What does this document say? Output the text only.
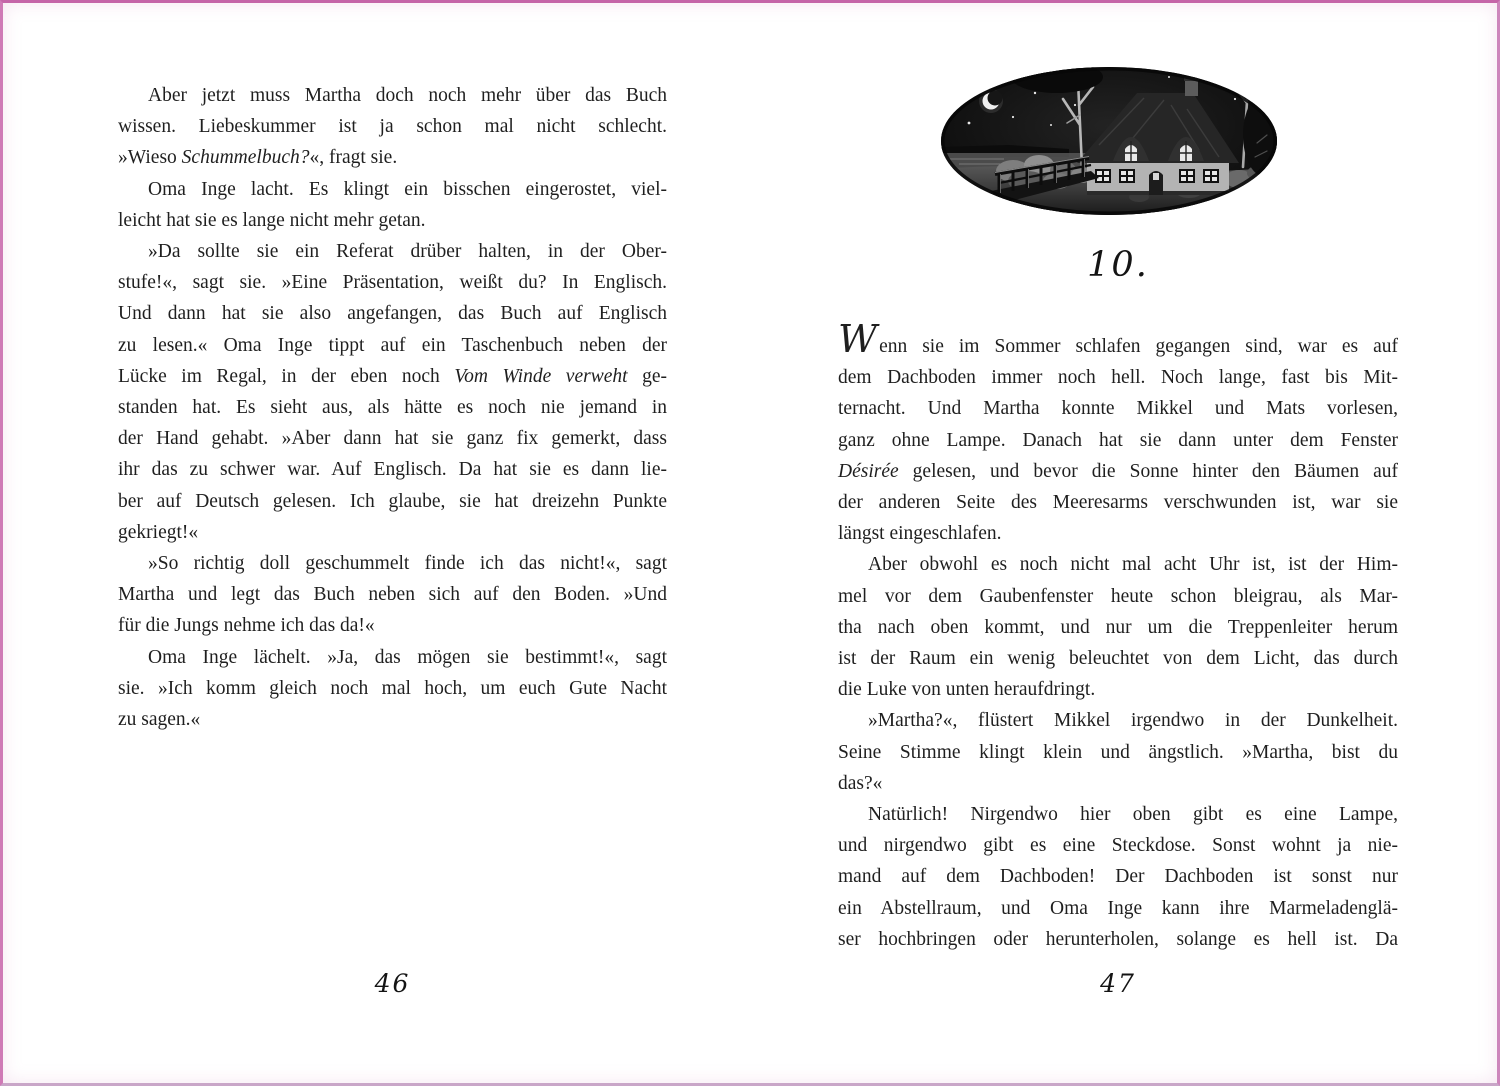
Aber jetzt muss Martha doch noch mehr über das Buch
wissen. Liebeskummer ist ja schon mal nicht schlecht.
»Wieso Schummelbuch?«, fragt sie.
Oma Inge lacht. Es klingt ein bisschen eingerostet, viel-
leicht hat sie es lange nicht mehr getan.
»Da sollte sie ein Referat drüber halten, in der Ober-
stufe!«, sagt sie. »Eine Präsentation, weißt du? In Englisch.
Und dann hat sie also angefangen, das Buch auf Englisch
zu lesen.« Oma Inge tippt auf ein Taschenbuch neben der
Lücke im Regal, in der eben noch Vom Winde verweht ge-
standen hat. Es sieht aus, als hätte es noch nie jemand in
der Hand gehabt. »Aber dann hat sie ganz fix gemerkt, dass
ihr das zu schwer war. Auf Englisch. Da hat sie es dann lie-
ber auf Deutsch gelesen. Ich glaube, sie hat dreizehn Punkte
gekriegt!«
»So richtig doll geschummelt finde ich das nicht!«, sagt
Martha und legt das Buch neben sich auf den Boden. »Und
für die Jungs nehme ich das da!«
Oma Inge lächelt. »Ja, das mögen sie bestimmt!«, sagt
sie. »Ich komm gleich noch mal hoch, um euch Gute Nacht
zu sagen.«
46
10.
Wenn sie im Sommer schlafen gegangen sind, war es auf
dem Dachboden immer noch hell. Noch lange, fast bis Mit-
ternacht. Und Martha konnte Mikkel und Mats vorlesen,
ganz ohne Lampe. Danach hat sie dann unter dem Fenster
Désirée gelesen, und bevor die Sonne hinter den Bäumen auf
der anderen Seite des Meeresarms verschwunden ist, war sie
längst eingeschlafen.
Aber obwohl es noch nicht mal acht Uhr ist, ist der Him-
mel vor dem Gaubenfenster heute schon bleigrau, als Mar-
tha nach oben kommt, und nur um die Treppenleiter herum
ist der Raum ein wenig beleuchtet von dem Licht, das durch
die Luke von unten heraufdringt.
»Martha?«, flüstert Mikkel irgendwo in der Dunkelheit.
Seine Stimme klingt klein und ängstlich. »Martha, bist du
das?«
Natürlich! Nirgendwo hier oben gibt es eine Lampe,
und nirgendwo gibt es eine Steckdose. Sonst wohnt ja nie-
mand auf dem Dachboden! Der Dachboden ist sonst nur
ein Abstellraum, und Oma Inge kann ihre Marmeladenglä-
ser hochbringen oder herunterholen, solange es hell ist. Da
47
